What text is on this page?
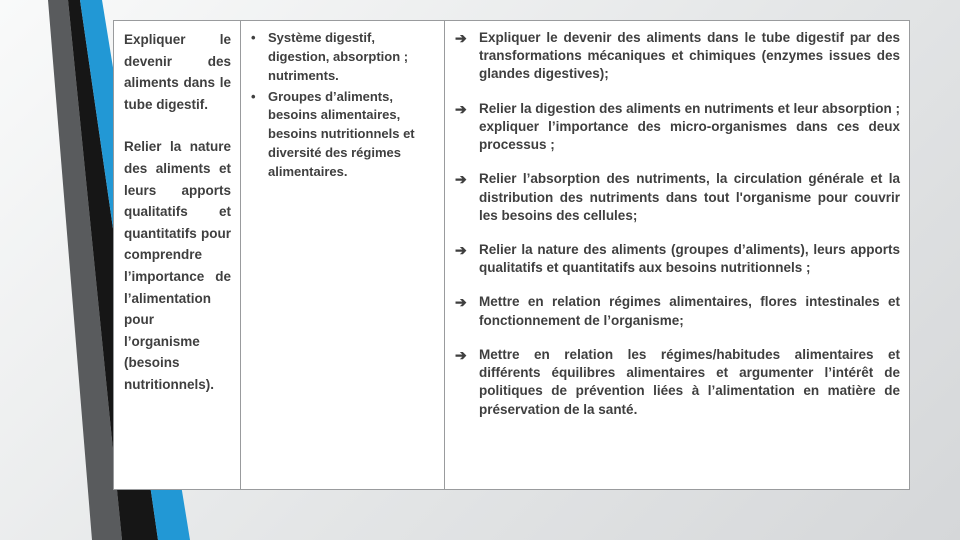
Expliquer le devenir des aliments dans le tube digestif.

Relier la nature des aliments et leurs apports qualitatifs et quantitatifs pour comprendre l’importance de l’alimentation pour l’organisme (besoins nutritionnels).

• Système digestif, digestion, absorption ; nutriments.
• Groupes d’aliments, besoins alimentaires, besoins nutritionnels et diversité des régimes alimentaires.
➔ Expliquer le devenir des aliments dans le tube digestif par des transformations mécaniques et chimiques (enzymes issues des glandes digestives);
➔ Relier la digestion des aliments en nutriments et leur absorption ; expliquer l’importance des micro-organismes dans ces deux processus ;
➔ Relier l’absorption des nutriments, la circulation générale et la distribution des nutriments dans tout l'organisme pour couvrir les besoins des cellules;
➔ Relier la nature des aliments (groupes d’aliments), leurs apports qualitatifs et quantitatifs aux besoins nutritionnels ;
➔ Mettre en relation régimes alimentaires, flores intestinales et fonctionnement de l’organisme;
➔ Mettre en relation les régimes/habitudes alimentaires et différents équilibres alimentaires et argumenter l’intérêt de politiques de prévention liées à l’alimentation en matière de préservation de la santé.
